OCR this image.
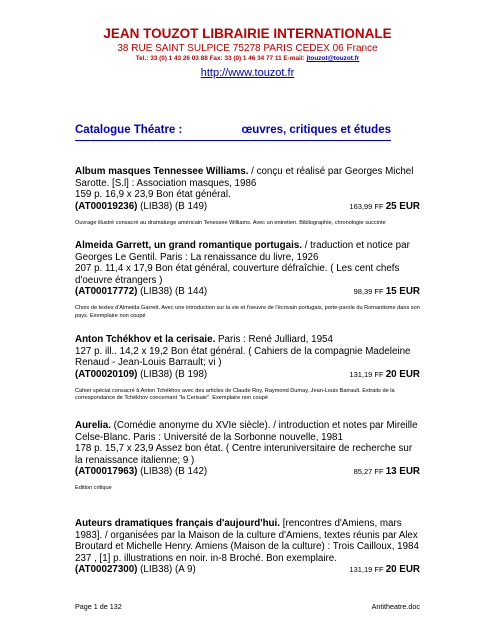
JEAN TOUZOT LIBRAIRIE INTERNATIONALE
38 RUE SAINT SULPICE 75278 PARIS CEDEX 06 France
Tel.: 33 (0) 1 43 26 03 88 Fax: 33 (0) 1 46 34 77 11 E-mail: jtouzot@touzot.fr
http://www.touzot.fr
Catalogue Théatre :	œuvres, critiques et études
Album masques Tennessee Williams. / conçu et réalisé par Georges Michel Sarotte. [S.l] : Association masques, 1986
159 p. 16,9 x 23,9 Bon état général.
(AT00019236) (LIB38) (B 149)	163,99 FF 25 EUR
Ouvrage illustré consacré au dramaturge américain Tenessee Williams. Avec un entretien. Bibliographie, chronologie succinte
Almeida Garrett, un grand romantique portugais. / traduction et notice par Georges Le Gentil. Paris : La renaissance du livre, 1926
207 p. 11,4 x 17,9 Bon état général, couverture défraîchie. ( Les cent chefs d'oeuvre étrangers )
(AT00017772) (LIB38) (B 144)	98,39 FF 15 EUR
Choix de textes d'Almeida Garrett. Avec une introduction sur la vie et l'oeuvre de l'écrivain portugais, porte-parole du Romantisme dans son pays. Exemplaire non coupé
Anton Tchékhov et la cerisaie. Paris : René Julliard, 1954
127 p. ill.. 14,2 x 19,2 Bon état général. ( Cahiers de la compagnie Madeleine Renaud - Jean-Louis Barrault; vi )
(AT00020109) (LIB38) (B 198)	131,19 FF 20 EUR
Cahier spécial consacré à Anton Tchékhov avec des articles de Claude Roy, Raymond Dumay, Jean-Louis Barrault. Extraits de la correspondance de Tchékhov concernant "la Cerisaie". Exemplaire non coupé
Aurelia. (Comédie anonyme du XVIe siècle). / introduction et notes par Mireille Celse-Blanc. Paris : Université de la Sorbonne nouvelle, 1981
178 p. 15,7 x 23,9 Assez bon état. ( Centre interuniversitaire de recherche sur la renaissance italienne; 9 )
(AT00017963) (LIB38) (B 142)	85,27 FF 13 EUR
Edition critique
Auteurs dramatiques français d'aujourd'hui. [rencontres d'Amiens, mars 1983]. / organisées par la Maison de la culture d'Amiens, textes réunis par Alex Broutard et Michelle Henry. Amiens (Maison de la culture) : Trois Cailloux, 1984
237 , [1] p. illustrations en noir. in-8 Broché. Bon exemplaire.
(AT00027300) (LIB38) (A 9)	131,19 FF 20 EUR
Page 1 de 132	Antitheatre.doc
